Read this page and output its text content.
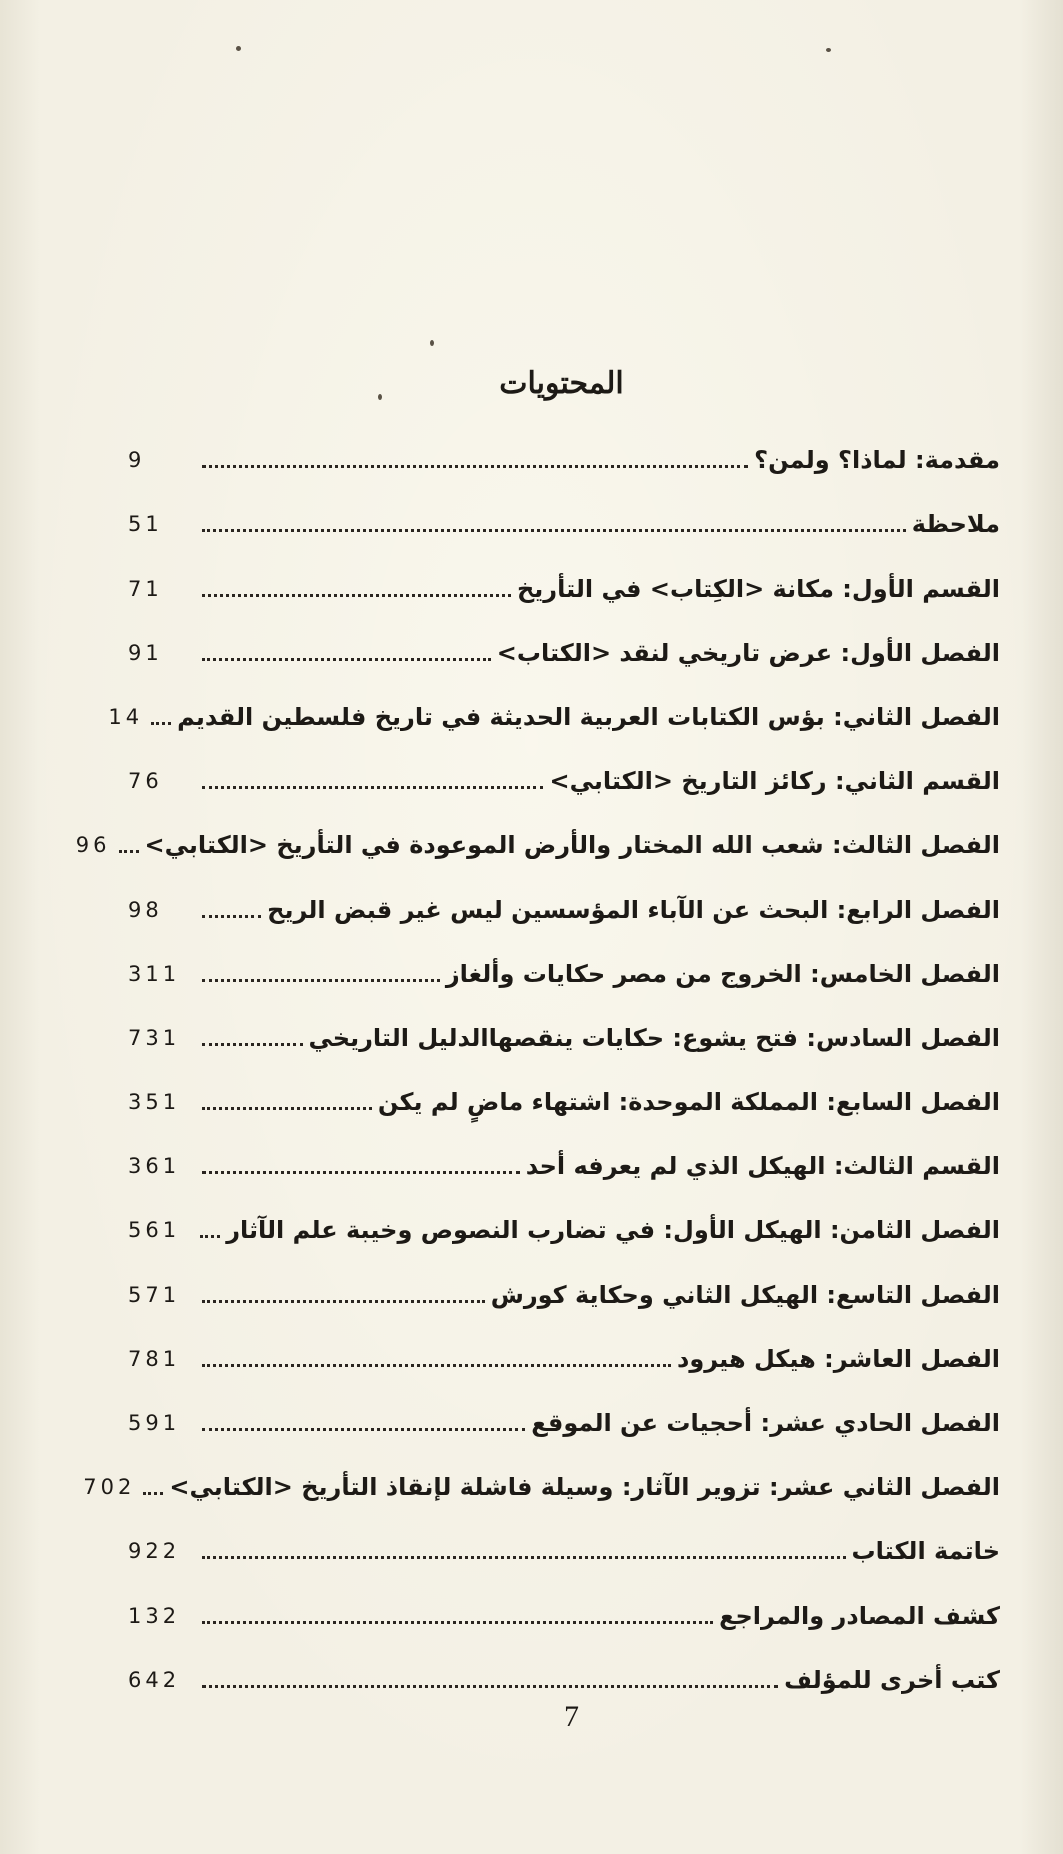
المحتويات
مقدمة: لماذا؟ ولمن؟
9
ملاحظة
51
القسم الأول: مكانة <الكِتاب> في التأريخ
71
الفصل الأول: عرض تاريخي لنقد <الكتاب>
91
الفصل الثاني: بؤس الكتابات العربية الحديثة في تاريخ فلسطين القديم
14
القسم الثاني: ركائز التاريخ <الكتابي>
76
الفصل الثالث: شعب الله المختار والأرض الموعودة في التأريخ <الكتابي>
96
الفصل الرابع: البحث عن الآباء المؤسسين ليس غير قبض الريح
98
الفصل الخامس: الخروج من مصر حكايات وألغاز
311
الفصل السادس: فتح يشوع: حكايات ينقصهاالدليل التاريخي
731
الفصل السابع: المملكة الموحدة: اشتهاء ماضٍ لم يكن
351
القسم الثالث: الهيكل الذي لم يعرفه أحد
361
الفصل الثامن: الهيكل الأول: في تضارب النصوص وخيبة علم الآثار
561
الفصل التاسع: الهيكل الثاني وحكاية كورش
571
الفصل العاشر: هيكل هيرود
781
الفصل الحادي عشر: أحجيات عن الموقع
591
الفصل الثاني عشر: تزوير الآثار: وسيلة فاشلة لإنقاذ التأريخ <الكتابي>
702
خاتمة الكتاب
922
كشف المصادر والمراجع
132
كتب أخرى للمؤلف
642
7
